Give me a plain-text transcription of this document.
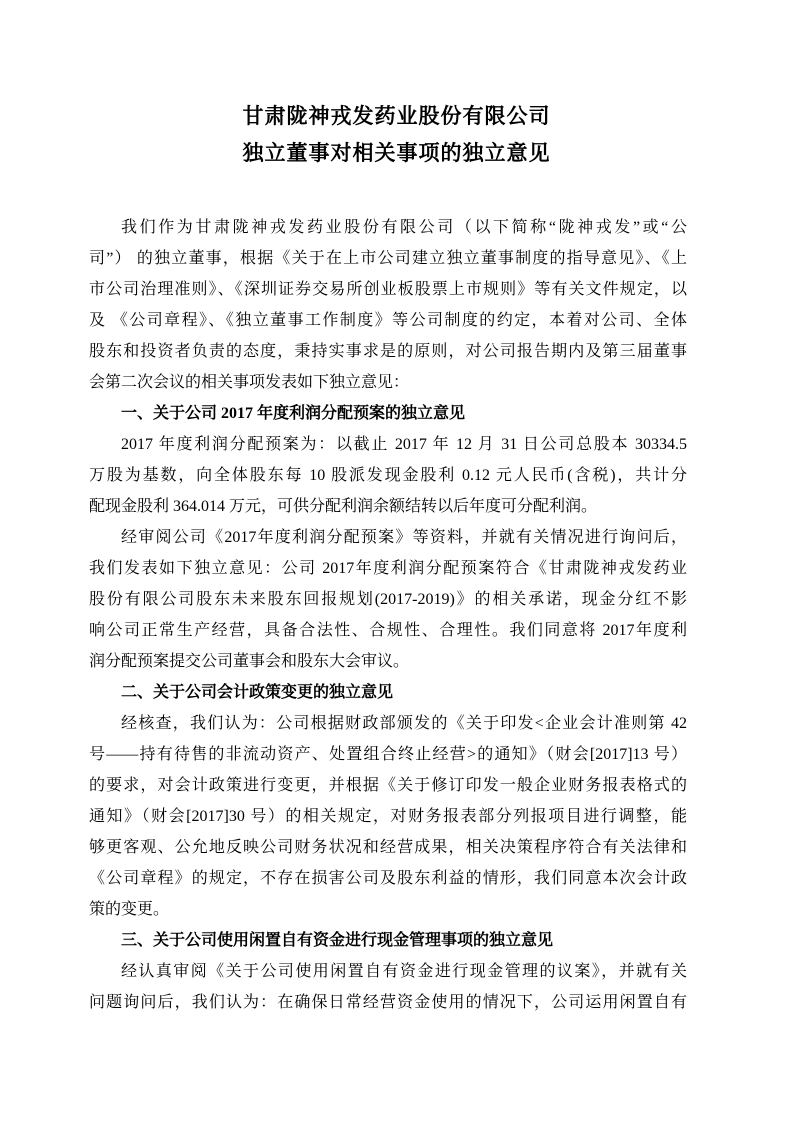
甘肃陇神戎发药业股份有限公司
独立董事对相关事项的独立意见
我们作为甘肃陇神戎发药业股份有限公司（以下简称“陇神戎发”或“公
司”） 的独立董事，根据《关于在上市公司建立独立董事制度的指导意见》、《上
市公司治理准则》、《深圳证券交易所创业板股票上市规则》等有关文件规定，以
及 《公司章程》、《独立董事工作制度》等公司制度的约定，本着对公司、全体
股东和投资者负责的态度，秉持实事求是的原则，对公司报告期内及第三届董事
会第二次会议的相关事项发表如下独立意见：
一、关于公司 2017 年度利润分配预案的独立意见
2017 年度利润分配预案为：以截止 2017 年 12 月 31 日公司总股本 30334.5
万股为基数，向全体股东每 10 股派发现金股利 0.12 元人民币(含税)，共计分
配现金股利 364.014 万元，可供分配利润余额结转以后年度可分配利润。
经审阅公司《2017年度利润分配预案》等资料，并就有关情况进行询问后，
我们发表如下独立意见：公司 2017年度利润分配预案符合《甘肃陇神戎发药业
股份有限公司股东未来股东回报规划(2017-2019)》的相关承诺，现金分红不影
响公司正常生产经营，具备合法性、合规性、合理性。我们同意将 2017年度利
润分配预案提交公司董事会和股东大会审议。
二、关于公司会计政策变更的独立意见
经核查，我们认为：公司根据财政部颁发的《关于印发<企业会计准则第 42
号——持有待售的非流动资产、处置组合终止经营>的通知》（财会[2017]13 号）
的要求，对会计政策进行变更，并根据《关于修订印发一般企业财务报表格式的
通知》（财会[2017]30 号）的相关规定，对财务报表部分列报项目进行调整，能
够更客观、公允地反映公司财务状况和经营成果，相关决策程序符合有关法律和
《公司章程》的规定，不存在损害公司及股东利益的情形，我们同意本次会计政
策的变更。
三、关于公司使用闲置自有资金进行现金管理事项的独立意见
经认真审阅《关于公司使用闲置自有资金进行现金管理的议案》，并就有关
问题询问后，我们认为：在确保日常经营资金使用的情况下，公司运用闲置自有
